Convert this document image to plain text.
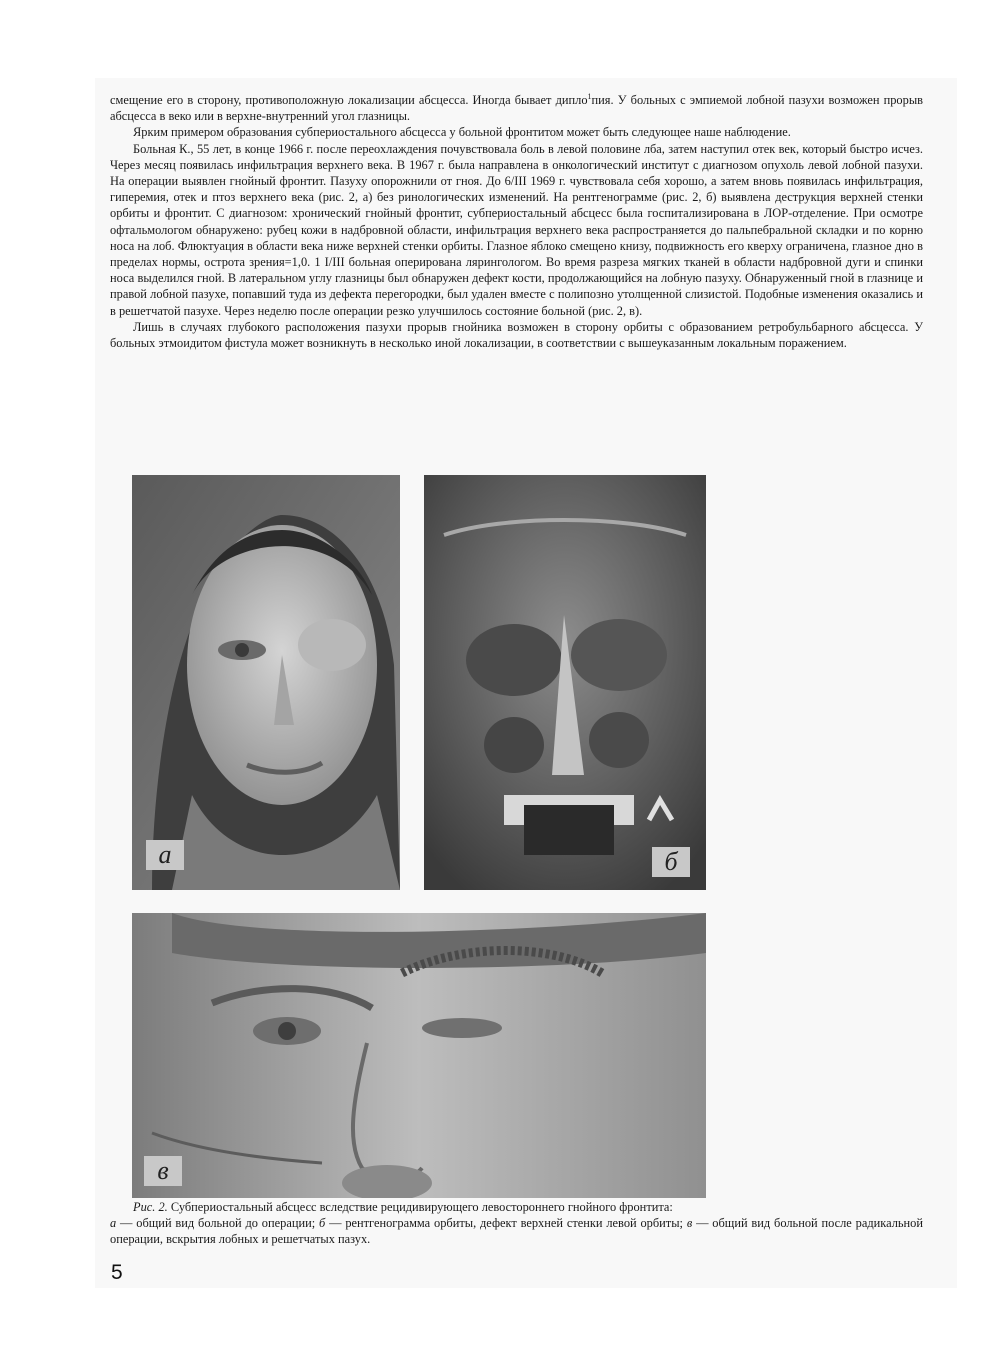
смещение его в сторону, противоположную локализации абсцесса. Иногда бывает дипло$^1$пия. У больных с эмпиемой лобной пазухи возможен прорыв абсцесса в веко или в верхне-внутренний угол глазницы.

Ярким примером образования субпериостального абсцесса у больной фронтитом может быть следующее наше наблюдение.

Больная К., 55 лет, в конце 1966 г. после переохлаждения почувствовала боль в левой половине лба, затем наступил отек век, который быстро исчез. Через месяц появилась инфильтрация верхнего века. В 1967 г. была направлена в онкологический институт с диагнозом опухоль левой лобной пазухи. На операции выявлен гнойный фронтит. Пазуху опорожнили от гноя. До 6/III 1969 г. чувствовала себя хорошо, а затем вновь появилась инфильтрация, гиперемия, отек и птоз верхнего века (рис. 2, а) без ринологических изменений. На рентгенограмме (рис. 2, б) выявлена деструкция верхней стенки орбиты и фронтит. С диагнозом: хронический гнойный фронтит, субпериостальный абсцесс была госпитализирована в ЛОР-отделение. При осмотре офтальмологом обнаружено: рубец кожи в надбровной области, инфильтрация верхнего века распространяется до пальпебральной складки и по корню носа на лоб. Флюктуация в области века ниже верхней стенки орбиты. Глазное яблоко смещено книзу, подвижность его кверху ограничена, глазное дно в пределах нормы, острота зрения=1,0. 1 I/III больная оперирована лярингологом. Во время разреза мягких тканей в области надбровной дуги и спинки носа выделился гной. В латеральном углу глазницы был обнаружен дефект кости, продолжающийся на лобную пазуху. Обнаруженный гной в глазнице и правой лобной пазухе, попавший туда из дефекта перегородки, был удален вместе с полипозно утолщенной слизистой. Подобные изменения оказались и в решетчатой пазухе. Через неделю после операции резко улучшилось состояние больной (рис. 2, в).

Лишь в случаях глубокого расположения пазухи прорыв гнойника возможен в сторону орбиты с образованием ретробульбарного абсцесса. У больных этмоидитом фистула может возникнуть в несколько иной локализации, в соответствии с вышеуказанным локальным поражением.

а	б
в

Рис. 2. Субпериостальный абсцесс вследствие рецидивирующего левостороннего гнойного фронтита:

а — общий вид больной до операции; б — рентгенограмма орбиты, дефект верхней стенки левой орбиты; в — общий вид больной после радикальной операции, вскрытия лобных и решетчатых пазух.

5
